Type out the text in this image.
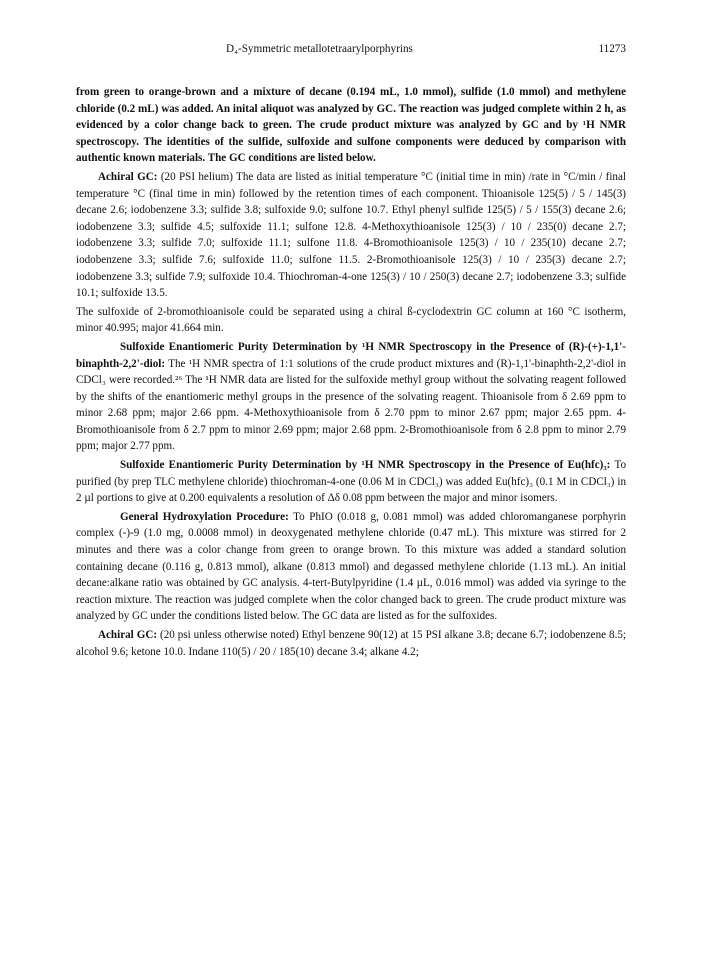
D₄-Symmetric metallotetraarylporphyrins	11273

from green to orange-brown and a mixture of decane (0.194 mL, 1.0 mmol), sulfide (1.0 mmol) and methylene chloride (0.2 mL) was added. An inital aliquot was analyzed by GC. The reaction was judged complete within 2 h, as evidenced by a color change back to green. The crude product mixture was analyzed by GC and by ¹H NMR spectroscopy. The identities of the sulfide, sulfoxide and sulfone components were deduced by comparison with authentic known materials. The GC conditions are listed below.

Achiral GC: (20 PSI helium) The data are listed as initial temperature °C (initial time in min) /rate in °C/min / final temperature °C (final time in min) followed by the retention times of each component. Thioanisole 125(5) / 5 / 145(3) decane 2.6; iodobenzene 3.3; sulfide 3.8; sulfoxide 9.0; sulfone 10.7. Ethyl phenyl sulfide 125(5) / 5 / 155(3) decane 2.6; iodobenzene 3.3; sulfide 4.5; sulfoxide 11.1; sulfone 12.8. 4-Methoxythioanisole 125(3) / 10 / 235(0) decane 2.7; iodobenzene 3.3; sulfide 7.0; sulfoxide 11.1; sulfone 11.8. 4-Bromothioanisole 125(3) / 10 / 235(10) decane 2.7; iodobenzene 3.3; sulfide 7.6; sulfoxide 11.0; sulfone 11.5. 2-Bromothioanisole 125(3) / 10 / 235(3) decane 2.7; iodobenzene 3.3; sulfide 7.9; sulfoxide 10.4. Thiochroman-4-one 125(3) / 10 / 250(3) decane 2.7; iodobenzene 3.3; sulfide 10.1; sulfoxide 13.5.

The sulfoxide of 2-bromothioanisole could be separated using a chiral ß-cyclodextrin GC column at 160 °C isotherm, minor 40.995; major 41.664 min.

Sulfoxide Enantiomeric Purity Determination by ¹H NMR Spectroscopy in the Presence of (R)-(+)-1,1'-binaphth-2,2'-diol: The ¹H NMR spectra of 1:1 solutions of the crude product mixtures and (R)-1,1'-binaphth-2,2'-diol in CDCl₃ were recorded.²⁶ The ¹H NMR data are listed for the sulfoxide methyl group without the solvating reagent followed by the shifts of the enantiomeric methyl groups in the presence of the solvating reagent. Thioanisole from δ 2.69 ppm to minor 2.68 ppm; major 2.66 ppm. 4-Methoxythioanisole from δ 2.70 ppm to minor 2.67 ppm; major 2.65 ppm. 4-Bromothioanisole from δ 2.7 ppm to minor 2.69 ppm; major 2.68 ppm. 2-Bromothioanisole from δ 2.8 ppm to minor 2.79 ppm; major 2.77 ppm.

Sulfoxide Enantiomeric Purity Determination by ¹H NMR Spectroscopy in the Presence of Eu(hfc)₃: To purified (by prep TLC methylene chloride) thiochroman-4-one (0.06 M in CDCl₃) was added Eu(hfc)₃ (0.1 M in CDCl₃) in 2 µl portions to give at 0.200 equivalents a resolution of Δδ 0.08 ppm between the major and minor isomers.

General Hydroxylation Procedure: To PhIO (0.018 g, 0.081 mmol) was added chloromanganese porphyrin complex (-)-9 (1.0 mg, 0.0008 mmol) in deoxygenated methylene chloride (0.47 mL). This mixture was stirred for 2 minutes and there was a color change from green to orange brown. To this mixture was added a standard solution containing decane (0.116 g, 0.813 mmol), alkane (0.813 mmol) and degassed methylene chloride (1.13 mL). An initial decane:alkane ratio was obtained by GC analysis. 4-tert-Butylpyridine (1.4 µL, 0.016 mmol) was added via syringe to the reaction mixture. The reaction was judged complete when the color changed back to green. The crude product mixture was analyzed by GC under the conditions listed below. The GC data are listed as for the sulfoxides.

Achiral GC: (20 psi unless otherwise noted) Ethyl benzene 90(12) at 15 PSI alkane 3.8; decane 6.7; iodobenzene 8.5; alcohol 9.6; ketone 10.0. Indane 110(5) / 20 / 185(10) decane 3.4; alkane 4.2;
